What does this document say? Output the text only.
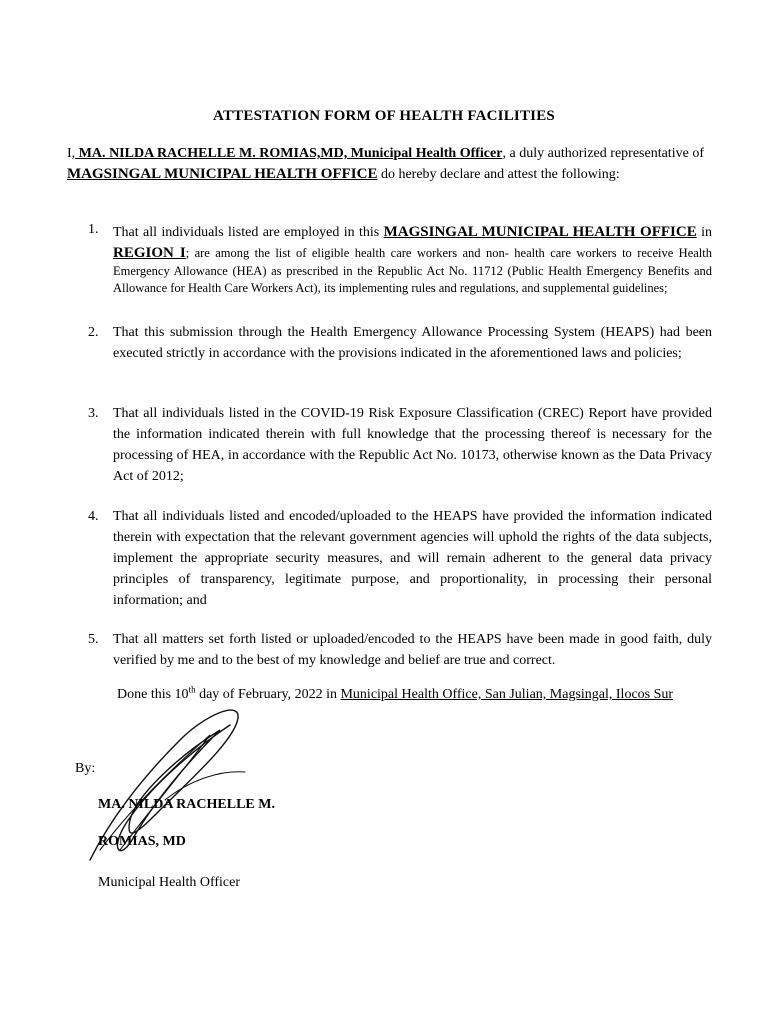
ATTESTATION FORM OF HEALTH FACILITIES
I, MA. NILDA RACHELLE M. ROMIAS,MD, Municipal Health Officer, a duly authorized representative of MAGSINGAL MUNICIPAL HEALTH OFFICE do hereby declare and attest the following:
1.	That all individuals listed are employed in this MAGSINGAL MUNICIPAL HEALTH OFFICE in REGION I; are among the list of eligible health care workers and non- health care workers to receive Health Emergency Allowance (HEA) as prescribed in the Republic Act No. 11712 (Public Health Emergency Benefits and Allowance for Health Care Workers Act), its implementing rules and regulations, and supplemental guidelines;
2.	That this submission through the Health Emergency Allowance Processing System (HEAPS) had been executed strictly in accordance with the provisions indicated in the aforementioned laws and policies;
3.	That all individuals listed in the COVID-19 Risk Exposure Classification (CREC) Report have provided the information indicated therein with full knowledge that the processing thereof is necessary for the processing of HEA, in accordance with the Republic Act No. 10173, otherwise known as the Data Privacy Act of 2012;
4.	That all individuals listed and encoded/uploaded to the HEAPS have provided the information indicated therein with expectation that the relevant government agencies will uphold the rights of the data subjects, implement the appropriate security measures, and will remain adherent to the general data privacy principles of transparency, legitimate purpose, and proportionality, in processing their personal information; and
5.	That all matters set forth listed or uploaded/encoded to the HEAPS have been made in good faith, duly verified by me and to the best of my knowledge and belief are true and correct.
Done this 10th day of February, 2022 in Municipal Health Office, San Julian, Magsingal, Ilocos Sur
By:
MA. NILDA RACHELLE M.
ROMIAS, MD
Municipal Health Officer
